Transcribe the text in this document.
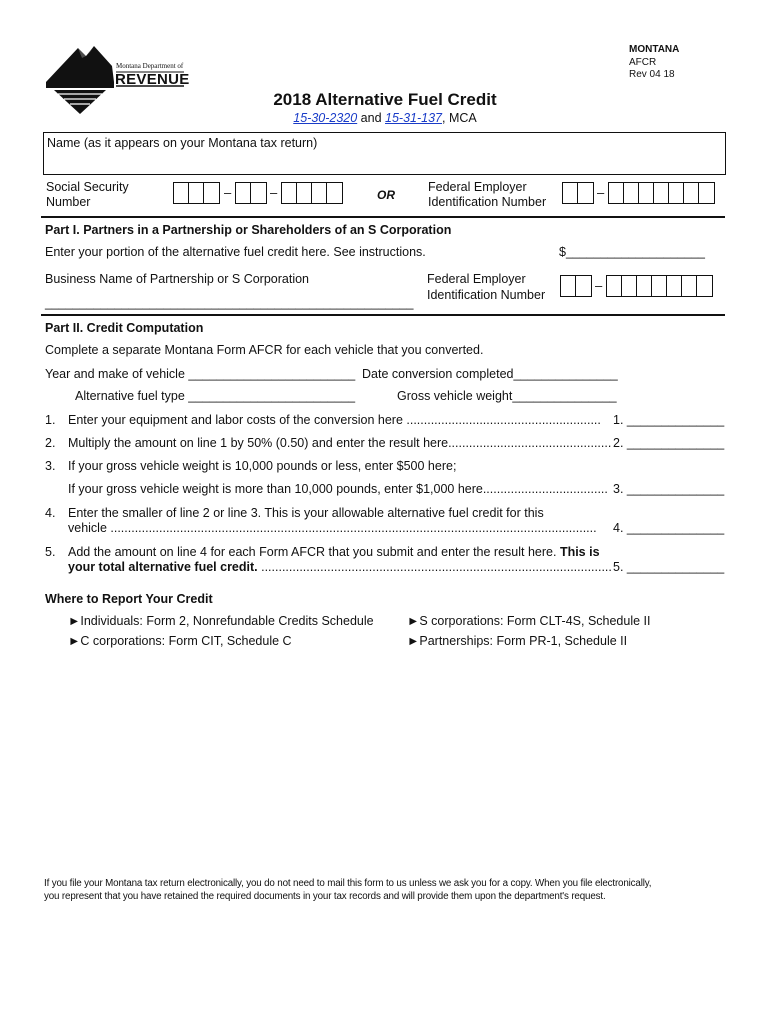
Montana Department of
REVENUE
MONTANA
AFCR
Rev 04 18
2018 Alternative Fuel Credit
15-30-2320 and 15-31-137, MCA
Name (as it appears on your Montana tax return)
Social Security
Number
–	–	OR
Federal Employer
Identification Number
–
Part I. Partners in a Partnership or Shareholders of an S Corporation
Enter your portion of the alternative fuel credit here. See instructions.	$____________________
Business Name of Partnership or S Corporation
_____________________________________________________
Federal Employer
Identification Number
–
Part II. Credit Computation
Complete a separate Montana Form AFCR for each vehicle that you converted.
Year and make of vehicle ________________________ Date conversion completed_______________
Alternative fuel type ________________________	Gross vehicle weight_______________
1. Enter your equipment and labor costs of the conversion here ........................................................ 1. ______________
2. Multiply the amount on line 1 by 50% (0.50) and enter the result here............................................... 2. ______________
3. If your gross vehicle weight is 10,000 pounds or less, enter $500 here;
If your gross vehicle weight is more than 10,000 pounds, enter $1,000 here.................................... 3. ______________
4. Enter the smaller of line 2 or line 3. This is your allowable alternative fuel credit for this
vehicle ............................................................................................................................................	4. ______________
5. Add the amount on line 4 for each Form AFCR that you submit and enter the result here. This is
your total alternative fuel credit. ..................................................................................................... 5. ______________
Where to Report Your Credit
►Individuals: Form 2, Nonrefundable Credits Schedule
►C corporations: Form CIT, Schedule C
►S corporations: Form CLT-4S, Schedule II
►Partnerships: Form PR-1, Schedule II
If you file your Montana tax return electronically, you do not need to mail this form to us unless we ask you for a copy. When you file electronically,
you represent that you have retained the required documents in your tax records and will provide them upon the department's request.
